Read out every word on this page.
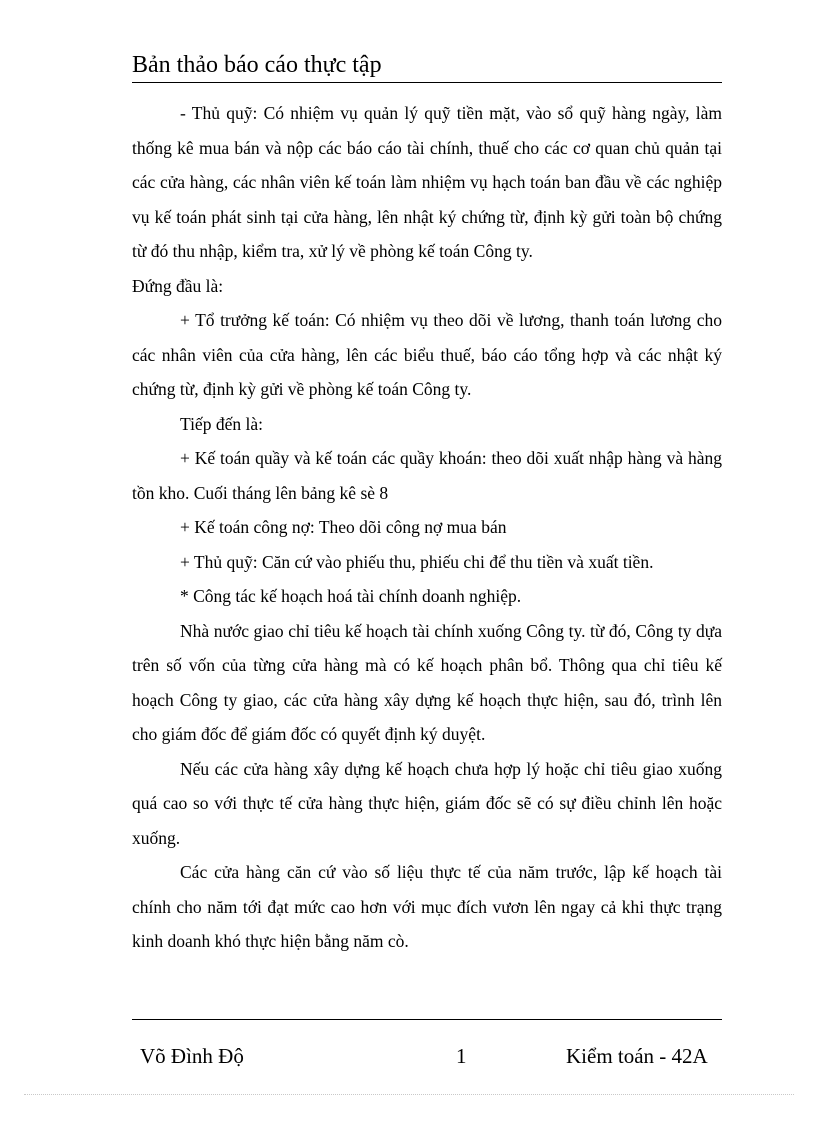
Bản thảo báo cáo thực tập

- Thủ quỹ: Có nhiệm vụ quản lý quỹ tiền mặt, vào sổ quỹ hàng ngày, làm thống kê mua bán và nộp các báo cáo tài chính, thuế cho các cơ quan chủ quản tại các cửa hàng, các nhân viên kế toán làm nhiệm vụ hạch toán ban đầu về các nghiệp vụ kế toán phát sinh tại cửa hàng, lên nhật ký chứng từ, định kỳ gửi toàn bộ chứng từ đó thu nhập, kiểm tra, xử lý về phòng kế toán Công ty.

Đứng đầu là:

+ Tổ trưởng kế toán: Có nhiệm vụ theo dõi về lương, thanh toán lương cho các nhân viên của cửa hàng, lên các biểu thuế, báo cáo tổng hợp và các nhật ký chứng từ, định kỳ gửi về phòng kế toán Công ty.

Tiếp đến là:

+ Kế toán quầy và kế toán các quầy khoán: theo dõi xuất nhập hàng và hàng tồn kho. Cuối tháng lên bảng kê sè 8

+ Kế toán công nợ: Theo dõi công nợ mua bán

+ Thủ quỹ: Căn cứ vào phiếu thu, phiếu chi để thu tiền và xuất tiền.

* Công tác kế hoạch hoá tài chính doanh nghiệp.

Nhà nước giao chỉ tiêu kế hoạch tài chính xuống Công ty. từ đó, Công ty dựa trên số vốn của từng cửa hàng mà có kế hoạch phân bổ. Thông qua chỉ tiêu kế hoạch Công ty giao, các cửa hàng xây dựng kế hoạch thực hiện, sau đó, trình lên cho giám đốc để giám đốc có quyết định ký duyệt.

Nếu các cửa hàng xây dựng kế hoạch chưa hợp lý hoặc chỉ tiêu giao xuống quá cao so với thực tế cửa hàng thực hiện, giám đốc sẽ có sự điều chỉnh lên hoặc xuống.

Các cửa hàng căn cứ vào số liệu thực tế của năm trước, lập kế hoạch tài chính cho năm tới đạt mức cao hơn với mục đích vươn lên ngay cả khi thực trạng kinh doanh khó thực hiện bằng năm cò.

Võ Đình Độ	1	Kiểm toán - 42A
